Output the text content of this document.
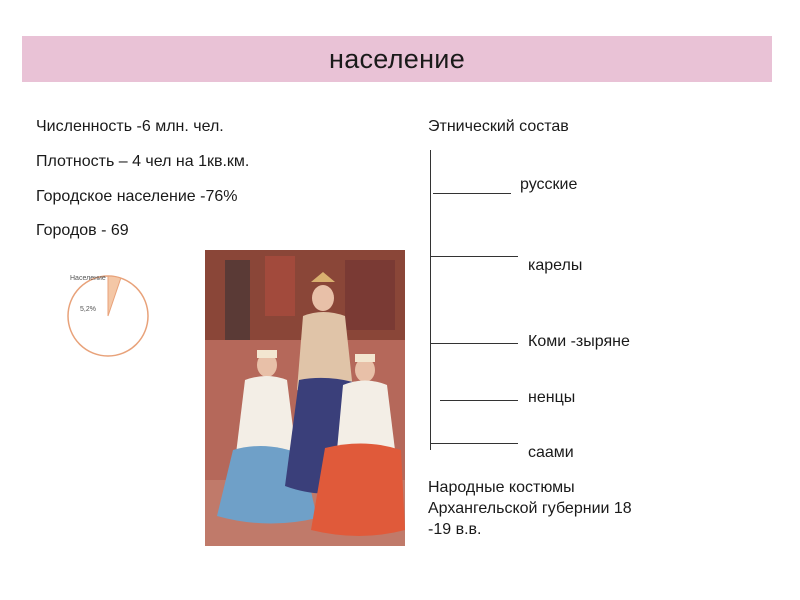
население
Численность -6 млн. чел.
Плотность – 4 чел на 1кв.км.
Городское население -76%
Городов - 69
Население
5,2%
Этнический состав
русские
карелы
Коми -зыряне
ненцы
саами
Народные костюмы
Архангельской губернии 18
-19 в.в.
